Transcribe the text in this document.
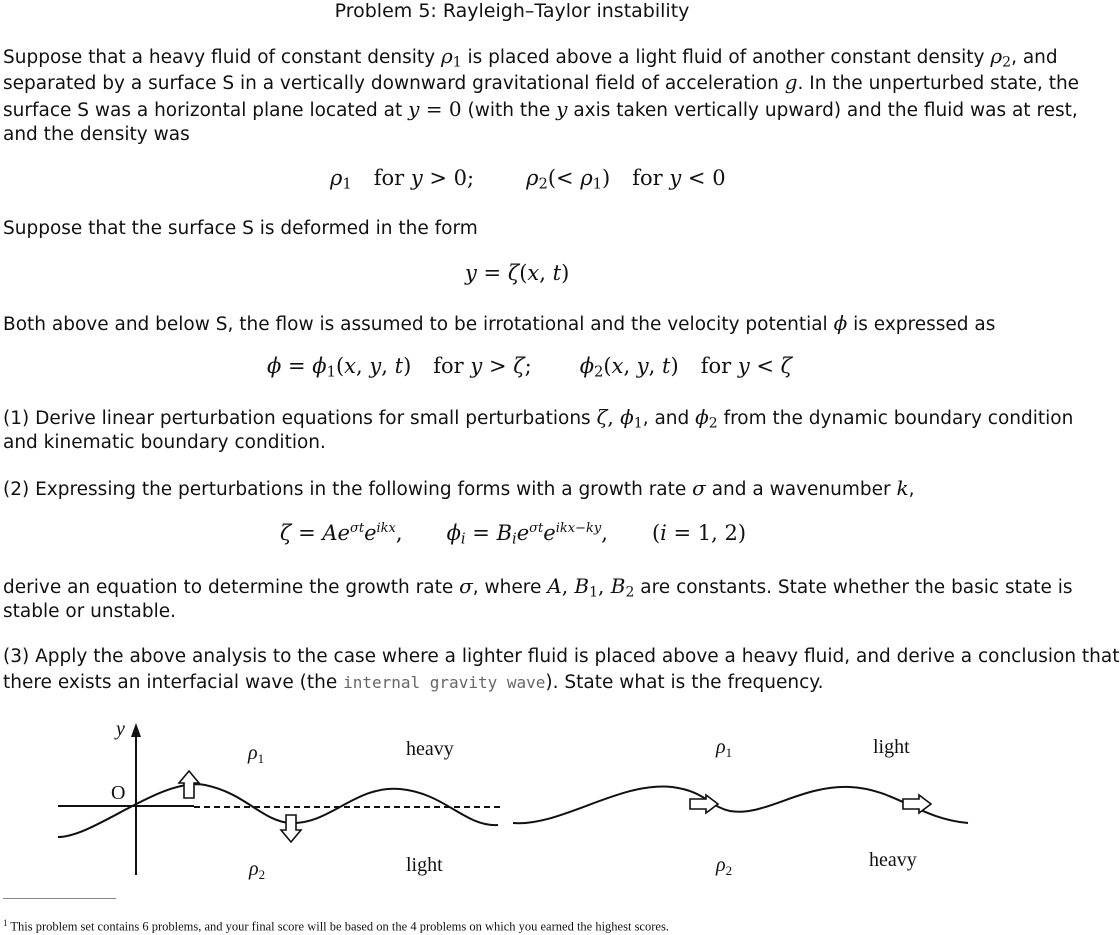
Problem 5: Rayleigh–Taylor instability
Suppose that a heavy fluid of constant density $\rho_1$ is placed above a light fluid of another constant density $\rho_2$, and
separated by a surface S in a vertically downward gravitational field of acceleration g. In the unperturbed state, the
surface S was a horizontal plane located at y = 0 (with the y axis taken vertically upward) and the fluid was at rest,
and the density was
$\rho_1$ for y > 0; $\rho_2(< \rho_1)$ for y < 0
Suppose that the surface S is deformed in the form
y = ζ(x, t)
Both above and below S, the flow is assumed to be irrotational and the velocity potential ϕ is expressed as
$\phi = \phi_1(x$, y, t) for y > ζ; $\phi_2(x$, y, t) for y < ζ
(1) Derive linear perturbation equations for small perturbations ζ, $\phi_1$, and $\phi_2$ from the dynamic boundary condition
and kinematic boundary condition.
(2) Expressing the perturbations in the following forms with a growth rate σ and a wavenumber k,
$\zeta = Ae^{\sigma t}e^{ikx}$, $\phi_i = B_ie^{\sigma t}e^{ikx-ky}$, (i = 1, 2)
derive an equation to determine the growth rate σ, where A, $B_1$, $B_2$ are constants. State whether the basic state is
stable or unstable.
(3) Apply the above analysis to the case where a lighter fluid is placed above a heavy fluid, and derive a conclusion that
there exists an interfacial wave (the internal gravity wave). State what is the frequency.
y
O
$\rho_1$
$\rho_2$
heavy
light
$\rho_1$
$\rho_2$
light
heavy
$^1$ This problem set contains 6 problems, and your final score will be based on the 4 problems on which you earned the highest scores.
